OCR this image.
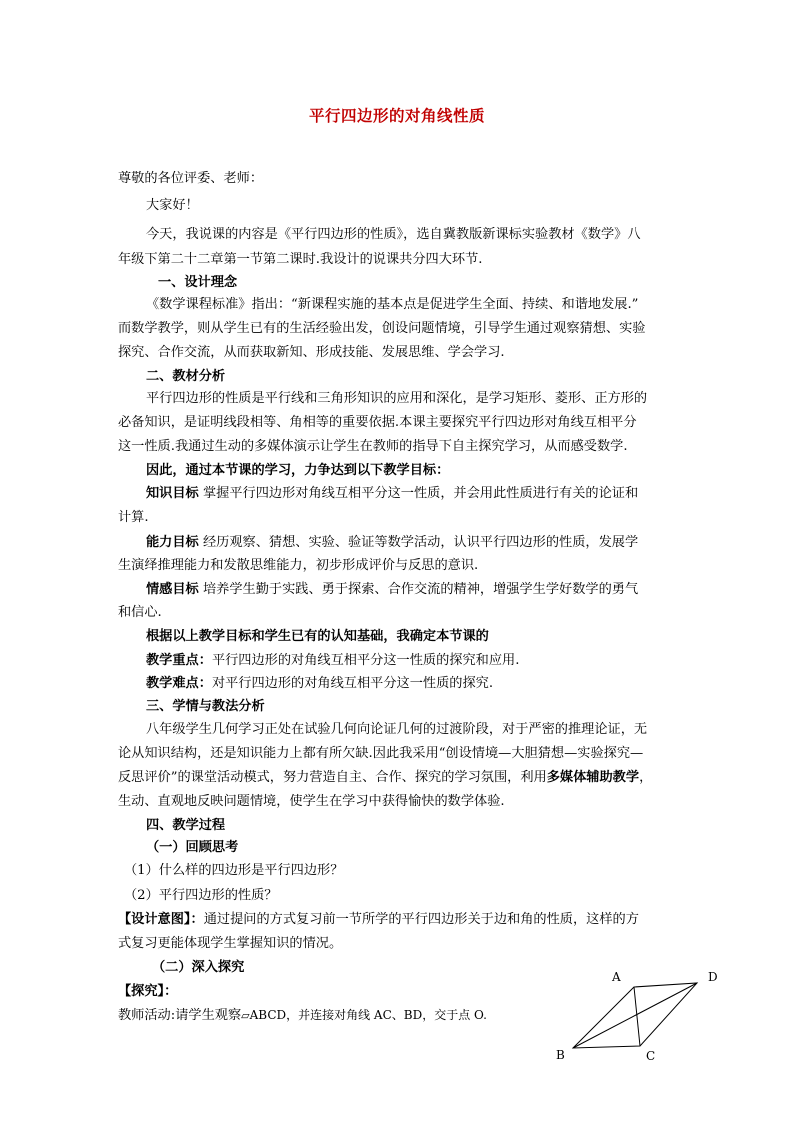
平行四边形的对角线性质
尊敬的各位评委、老师：
大家好！
今天，我说课的内容是《平行四边形的性质》，选自冀教版新课标实验教材《数学》八
年级下第二十二章第一节第二课时.我设计的说课共分四大环节.
一、设计理念
《数学课程标准》指出：“新课程实施的基本点是促进学生全面、持续、和谐地发展.”
而数学教学，则从学生已有的生活经验出发，创设问题情境，引导学生通过观察猜想、实验
探究、合作交流，从而获取新知、形成技能、发展思维、学会学习.
二、教材分析
平行四边形的性质是平行线和三角形知识的应用和深化，是学习矩形、菱形、正方形的
必备知识，是证明线段相等、角相等的重要依据.本课主要探究平行四边形对角线互相平分
这一性质.我通过生动的多媒体演示让学生在教师的指导下自主探究学习，从而感受数学.
因此，通过本节课的学习，力争达到以下教学目标：
知识目标 掌握平行四边形对角线互相平分这一性质，并会用此性质进行有关的论证和
计算.
能力目标 经历观察、猜想、实验、验证等数学活动，认识平行四边形的性质，发展学
生演绎推理能力和发散思维能力，初步形成评价与反思的意识.
情感目标 培养学生勤于实践、勇于探索、合作交流的精神，增强学生学好数学的勇气
和信心.
根据以上教学目标和学生已有的认知基础，我确定本节课的
教学重点：平行四边形的对角线互相平分这一性质的探究和应用.
教学难点：对平行四边形的对角线互相平分这一性质的探究.
三、学情与教法分析
八年级学生几何学习正处在试验几何向论证几何的过渡阶段，对于严密的推理论证，无
论从知识结构，还是知识能力上都有所欠缺.因此我采用“创设情境—大胆猜想—实验探究—
反思评价”的课堂活动模式，努力营造自主、合作、探究的学习氛围，利用多媒体辅助教学，
生动、直观地反映问题情境，使学生在学习中获得愉快的数学体验.
四、教学过程
（一）回顾思考
（1）什么样的四边形是平行四边形？
（2）平行四边形的性质？
【设计意图】：通过提问的方式复习前一节所学的平行四边形关于边和角的性质，这样的方
式复习更能体现学生掌握知识的情况。
（二）深入探究
【探究】：
教师活动:请学生观察▱ABCD，并连接对角线 AC、BD，交于点 O.
A	D
B	C
